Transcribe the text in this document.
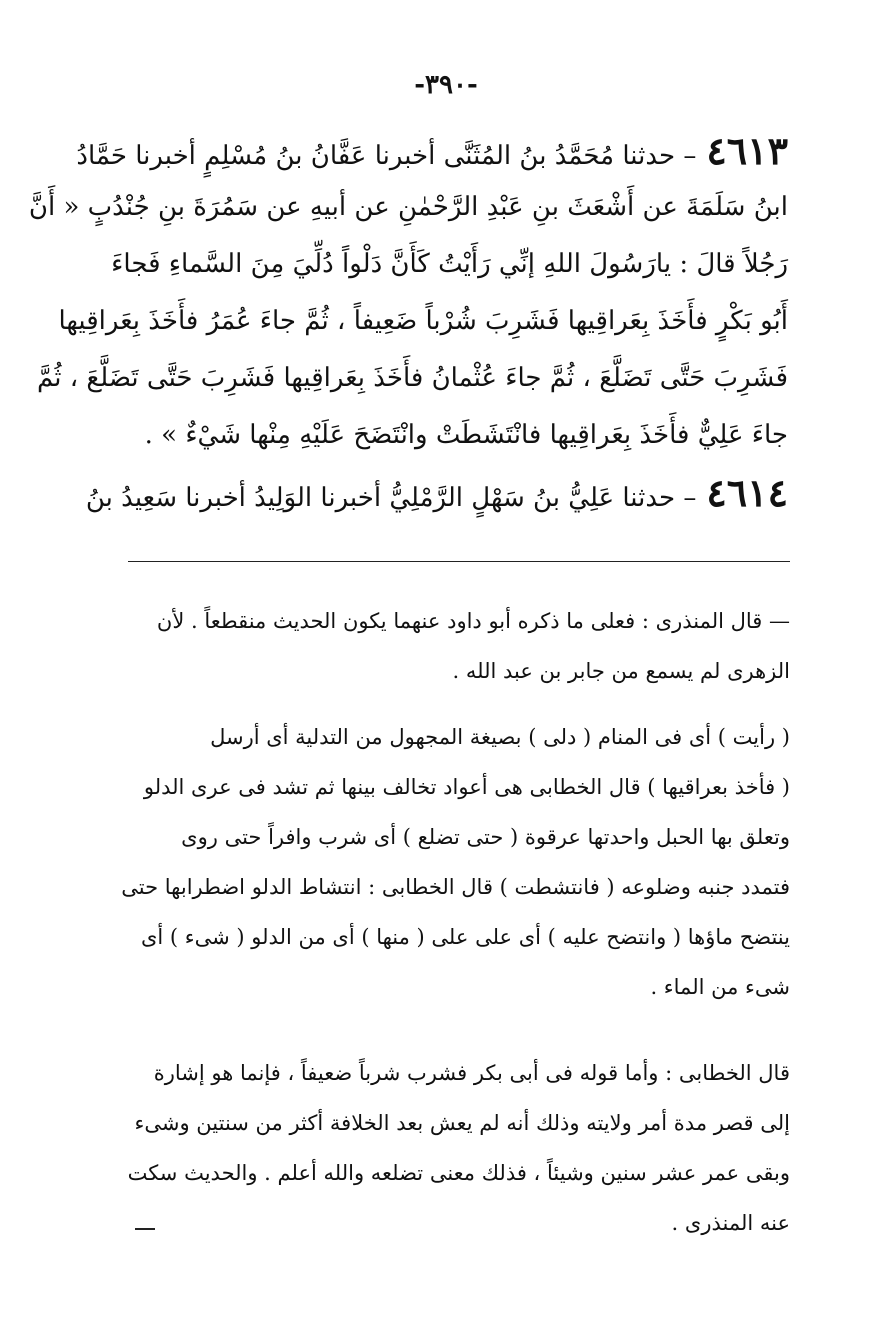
-٣٩٠-
٤٦١٣– حدثنا مُحَمَّدُ بنُ المُثَنَّى أخبرنا عَفَّانُ بنُ مُسْلِمٍ أخبرنا حَمَّادُ
ابنُ سَلَمَةَ عن أَشْعَثَ بنِ عَبْدِ الرَّحْمٰنِ عن أبيهِ عن سَمُرَةَ بنِ جُنْدُبٍ « أَنَّ
رَجُلاً قالَ : يارَسُولَ اللهِ إنِّي رَأَيْتُ كَأَنَّ دَلْواً دُلِّيَ مِنَ السَّماءِ فَجاءَ
أَبُو بَكْرٍ فأَخَذَ بِعَراقِيها فَشَرِبَ شُرْباً ضَعِيفاً ، ثُمَّ جاءَ عُمَرُ فأَخَذَ بِعَراقِيها
فَشَرِبَ حَتَّى تَضَلَّعَ ، ثُمَّ جاءَ عُثْمانُ فأَخَذَ بِعَراقِيها فَشَرِبَ حَتَّى تَضَلَّعَ ، ثُمَّ
جاءَ عَلِيٌّ فأَخَذَ بِعَراقِيها فانْتَشَطَتْ وانْتَضَحَ عَلَيْهِ مِنْها شَيْءٌ » .
٤٦١٤– حدثنا عَلِيُّ بنُ سَهْلٍ الرَّمْلِيُّ أخبرنا الوَلِيدُ أخبرنا سَعِيدُ بنُ
— قال المنذرى : فعلى ما ذكره أبو داود عنهما يكون الحديث منقطعاً . لأن
الزهرى لم يسمع من جابر بن عبد الله .
( رأيت ) أى فى المنام ( دلى ) بصيغة المجهول من التدلية أى أرسل
( فأخذ بعراقيها ) قال الخطابى هى أعواد تخالف بينها ثم تشد فى عرى الدلو
وتعلق بها الحبل واحدتها عرقوة ( حتى تضلع ) أى شرب وافراً حتى روى
فتمدد جنبه وضلوعه ( فانتشطت ) قال الخطابى : انتشاط الدلو اضطرابها حتى
ينتضح ماؤها ( وانتضح عليه ) أى على على ( منها ) أى من الدلو ( شىء ) أى
شىء من الماء .
قال الخطابى : وأما قوله فى أبى بكر فشرب شرباً ضعيفاً ، فإنما هو إشارة
إلى قصر مدة أمر ولايته وذلك أنه لم يعش بعد الخلافة أكثر من سنتين وشىء
وبقى عمر عشر سنين وشيئاً ، فذلك معنى تضلعه والله أعلم . والحديث سكت
عنه المنذرى .
